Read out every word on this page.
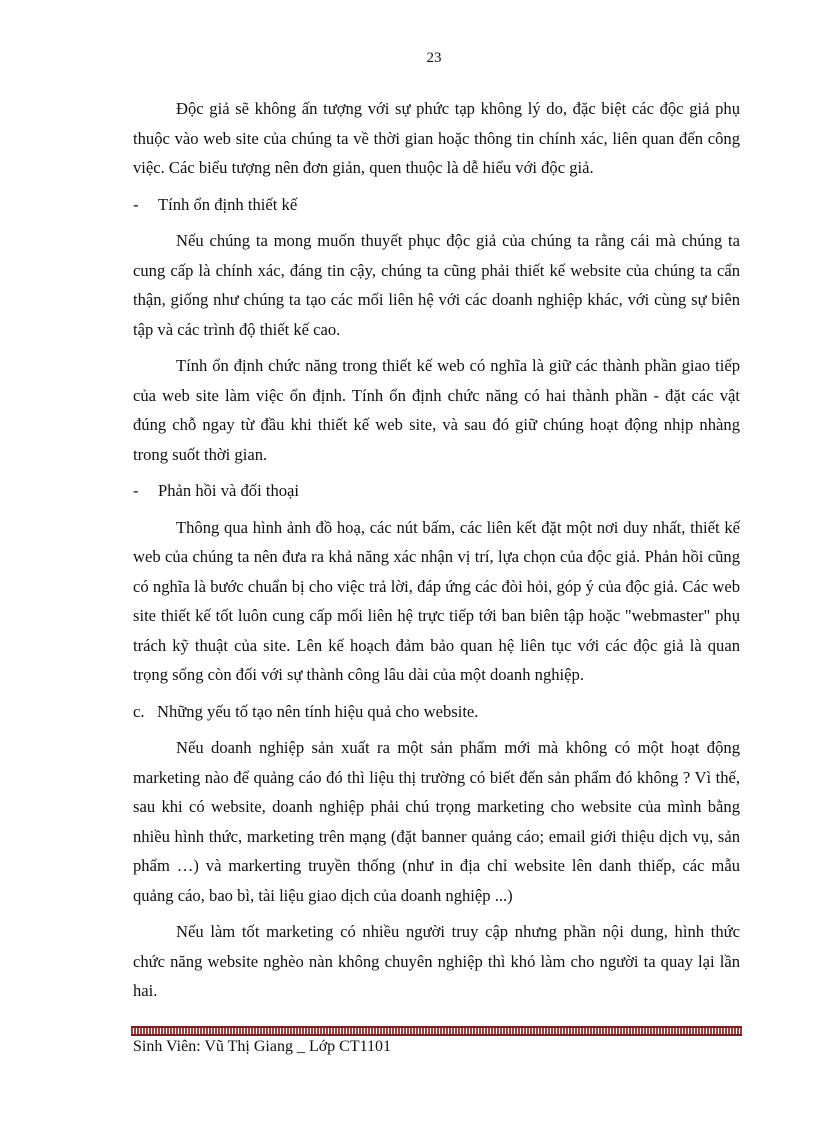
23

Độc giả sẽ không ấn tượng với sự phức tạp không lý do, đặc biệt các độc giả phụ thuộc vào web site của chúng ta về thời gian hoặc thông tin chính xác, liên quan đến công việc. Các biểu tượng nên đơn giản, quen thuộc là dễ hiểu với độc giả.

-	Tính ổn định thiết kế

Nếu chúng ta mong muốn thuyết phục độc giả của chúng ta rằng cái mà chúng ta cung cấp là chính xác, đáng tin cậy, chúng ta cũng phải thiết kế website của chúng ta cẩn thận, giống như chúng ta tạo các mối liên hệ với các doanh nghiệp khác, với cùng sự biên tập và các trình độ thiết kế cao.

Tính ổn định chức năng trong thiết kế web có nghĩa là giữ các thành phần giao tiếp của web site làm việc ổn định. Tính ổn định chức năng có hai thành phần - đặt các vật đúng chỗ ngay từ đầu khi thiết kế web site, và sau đó giữ chúng hoạt động nhịp nhàng trong suốt thời gian.

-	Phản hồi và đối thoại

Thông qua hình ảnh đồ hoạ, các nút bấm, các liên kết đặt một nơi duy nhất, thiết kế web của chúng ta nên đưa ra khả năng xác nhận vị trí, lựa chọn của độc giả. Phản hồi cũng có nghĩa là bước chuẩn bị cho việc trả lời, đáp ứng các đòi hỏi, góp ý của độc giả. Các web site thiết kế tốt luôn cung cấp mối liên hệ trực tiếp tới ban biên tập hoặc "webmaster" phụ trách kỹ thuật của site. Lên kế hoạch đảm bảo quan hệ liên tục với các độc giả là quan trọng sống còn đối với sự thành công lâu dài của một doanh nghiệp.

c. Những yếu tố tạo nên tính hiệu quả cho website.

Nếu doanh nghiệp sản xuất ra một sản phẩm mới mà không có một hoạt động marketing nào để quảng cáo đó thì liệu thị trường có biết đến sản phẩm đó không ? Vì thế, sau khi có website, doanh nghiệp phải chú trọng marketing cho website của mình bằng nhiều hình thức, marketing trên mạng (đặt banner quảng cáo; email giới thiệu dịch vụ, sản phẩm …) và markerting truyền thống (như in địa chỉ website lên danh thiếp, các mẫu quảng cáo, bao bì, tài liệu giao dịch của doanh nghiệp ...)

Nếu làm tốt marketing có nhiều người truy cập nhưng phần nội dung, hình thức chức năng website nghèo nàn không chuyên nghiệp thì khó làm cho người ta quay lại lần hai.

Sinh Viên: Vũ Thị Giang _ Lớp CT1101
